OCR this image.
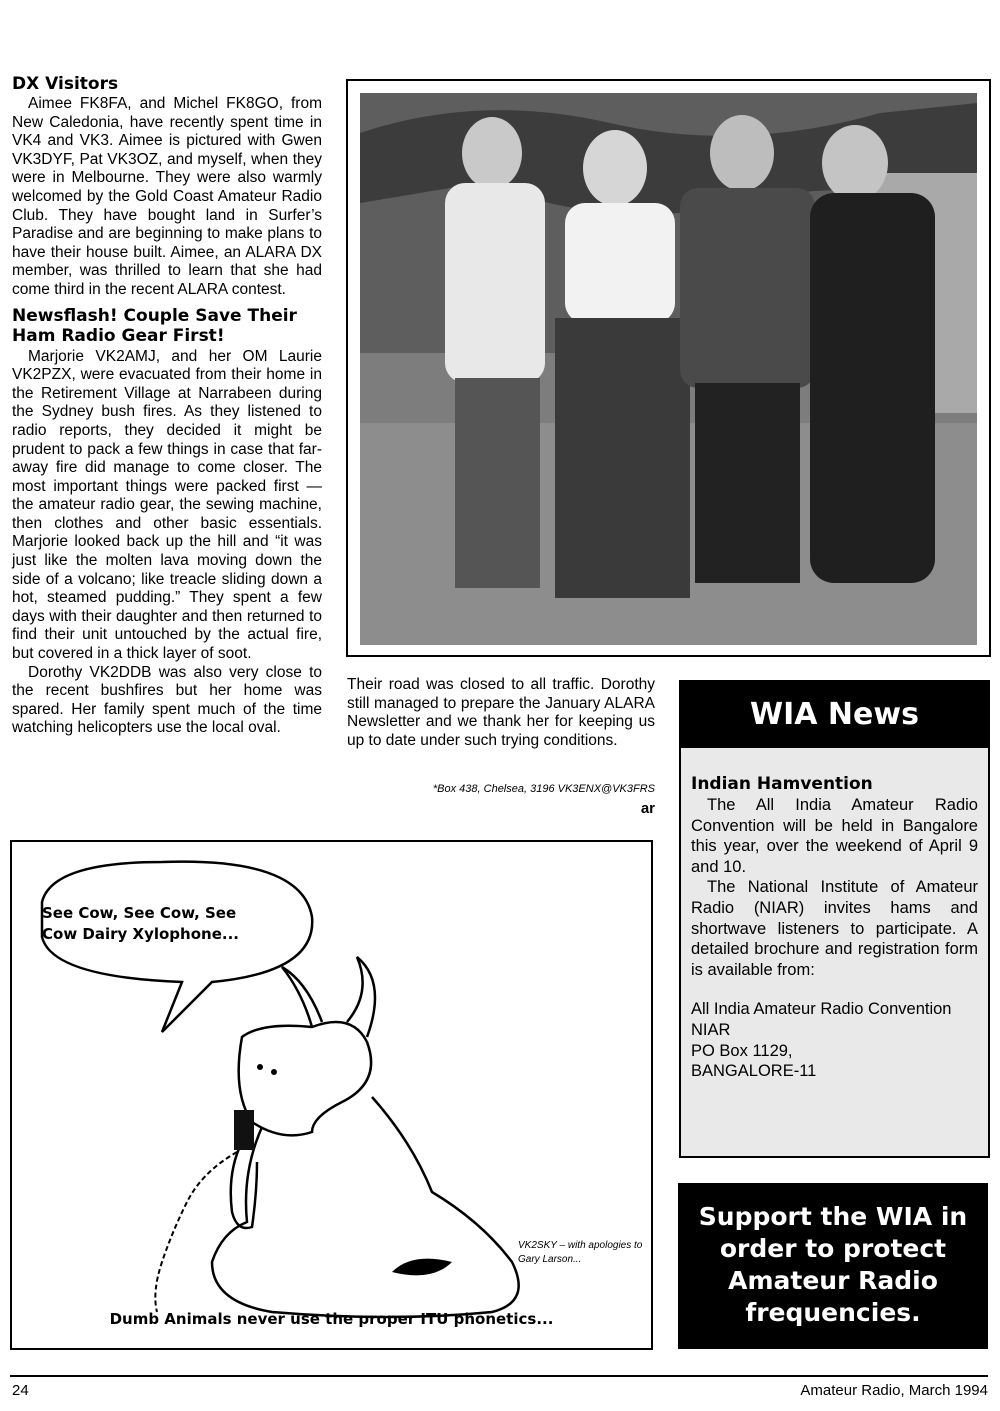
DX Visitors

Aimee FK8FA, and Michel FK8GO, from New Caledonia, have recently spent time in VK4 and VK3. Aimee is pictured with Gwen VK3DYF, Pat VK3OZ, and myself, when they were in Melbourne. They were also warmly welcomed by the Gold Coast Amateur Radio Club. They have bought land in Surfer’s Paradise and are beginning to make plans to have their house built. Aimee, an ALARA DX member, was thrilled to learn that she had come third in the recent ALARA contest.

Newsflash! Couple Save Their Ham Radio Gear First!

Marjorie VK2AMJ, and her OM Laurie VK2PZX, were evacuated from their home in the Retirement Village at Narrabeen during the Sydney bush fires. As they listened to radio reports, they decided it might be prudent to pack a few things in case that far-away fire did manage to come closer. The most important things were packed first — the amateur radio gear, the sewing machine, then clothes and other basic essentials. Marjorie looked back up the hill and “it was just like the molten lava moving down the side of a volcano; like treacle sliding down a hot, steamed pudding.” They spent a few days with their daughter and then returned to find their unit untouched by the actual fire, but covered in a thick layer of soot.

Dorothy VK2DDB was also very close to the recent bushfires but her home was spared. Her family spent much of the time watching helicopters use the local oval.

Their road was closed to all traffic. Dorothy still managed to prepare the January ALARA Newsletter and we thank her for keeping us up to date under such trying conditions.
*Box 438, Chelsea, 3196 VK3ENX@VK3FRS
ar
See Cow, See Cow, See Cow Dairy Xylophone...
VK2SKY – with apologies to Gary Larson...
Dumb Animals never use the proper ITU phonetics...
WIA News
Indian Hamvention

The All India Amateur Radio Convention will be held in Bangalore this year, over the weekend of April 9 and 10.

The National Institute of Amateur Radio (NIAR) invites hams and shortwave listeners to participate. A detailed brochure and registration form is available from:

All India Amateur Radio Convention
NIAR
PO Box 1129,
BANGALORE-11
Support the WIA in order to protect Amateur Radio frequencies.
24	Amateur Radio, March 1994
